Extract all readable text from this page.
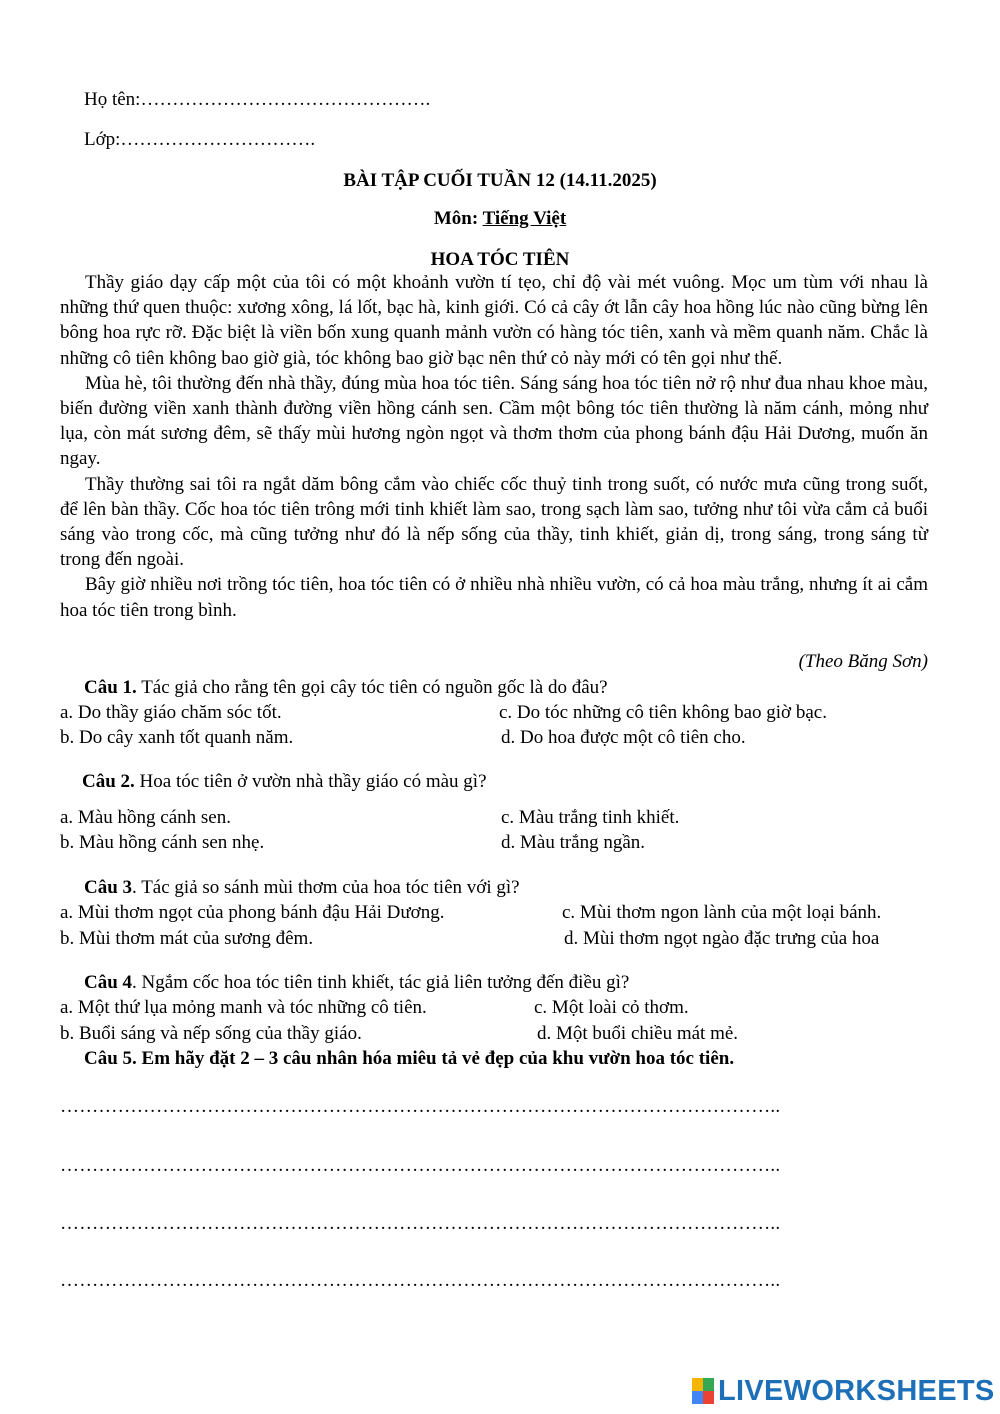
Họ tên:……………………………………….
Lớp:………………………….
BÀI TẬP CUỐI TUẦN 12 (14.11.2025)
Môn: Tiếng Việt
HOA TÓC TIÊN
Thầy giáo dạy cấp một của tôi có một khoảnh vườn tí tẹo, chỉ độ vài mét vuông. Mọc um tùm với nhau là những thứ quen thuộc: xương xông, lá lốt, bạc hà, kinh giới. Có cả cây ớt lẫn cây hoa hồng lúc nào cũng bừng lên bông hoa rực rỡ. Đặc biệt là viền bốn xung quanh mảnh vườn có hàng tóc tiên, xanh và mềm quanh năm. Chắc là những cô tiên không bao giờ già, tóc không bao giờ bạc nên thứ cỏ này mới có tên gọi như thế.
Mùa hè, tôi thường đến nhà thầy, đúng mùa hoa tóc tiên. Sáng sáng hoa tóc tiên nở rộ như đua nhau khoe màu, biến đường viền xanh thành đường viền hồng cánh sen. Cầm một bông tóc tiên thường là năm cánh, mỏng như lụa, còn mát sương đêm, sẽ thấy mùi hương ngòn ngọt và thơm thơm của phong bánh đậu Hải Dương, muốn ăn ngay.
Thầy thường sai tôi ra ngắt dăm bông cắm vào chiếc cốc thuỷ tinh trong suốt, có nước mưa cũng trong suốt, để lên bàn thầy. Cốc hoa tóc tiên trông mới tinh khiết làm sao, trong sạch làm sao, tưởng như tôi vừa cắm cả buổi sáng vào trong cốc, mà cũng tưởng như đó là nếp sống của thầy, tinh khiết, giản dị, trong sáng, trong sáng từ trong đến ngoài.
Bây giờ nhiều nơi trồng tóc tiên, hoa tóc tiên có ở nhiều nhà nhiều vườn, có cả hoa màu trắng, nhưng ít ai cắm hoa tóc tiên trong bình.
(Theo Băng Sơn)
Câu 1. Tác giả cho rằng tên gọi cây tóc tiên có nguồn gốc là do đâu?
a. Do thầy giáo chăm sóc tốt.	c. Do tóc những cô tiên không bao giờ bạc.
b. Do cây xanh tốt quanh năm.	d. Do hoa được một cô tiên cho.
Câu 2. Hoa tóc tiên ở vườn nhà thầy giáo có màu gì?
a. Màu hồng cánh sen.	c. Màu trắng tinh khiết.
b. Màu hồng cánh sen nhẹ.	d. Màu trắng ngần.
Câu 3. Tác giả so sánh mùi thơm của hoa tóc tiên với gì?
a. Mùi thơm ngọt của phong bánh đậu Hải Dương.	c. Mùi thơm ngon lành của một loại bánh.
b. Mùi thơm mát của sương đêm.	d. Mùi thơm ngọt ngào đặc trưng của hoa
Câu 4. Ngắm cốc hoa tóc tiên tinh khiết, tác giả liên tưởng đến điều gì?
a. Một thứ lụa mỏng manh và tóc những cô tiên.	c. Một loài cỏ thơm.
b. Buổi sáng và nếp sống của thầy giáo.	d. Một buổi chiều mát mẻ.
Câu 5. Em hãy đặt 2 – 3 câu nhân hóa miêu tả vẻ đẹp của khu vườn hoa tóc tiên.
…………………………………………………………………………………………………..
…………………………………………………………………………………………………..
…………………………………………………………………………………………………..
…………………………………………………………………………………………………..
LIVEWORKSHEETS
